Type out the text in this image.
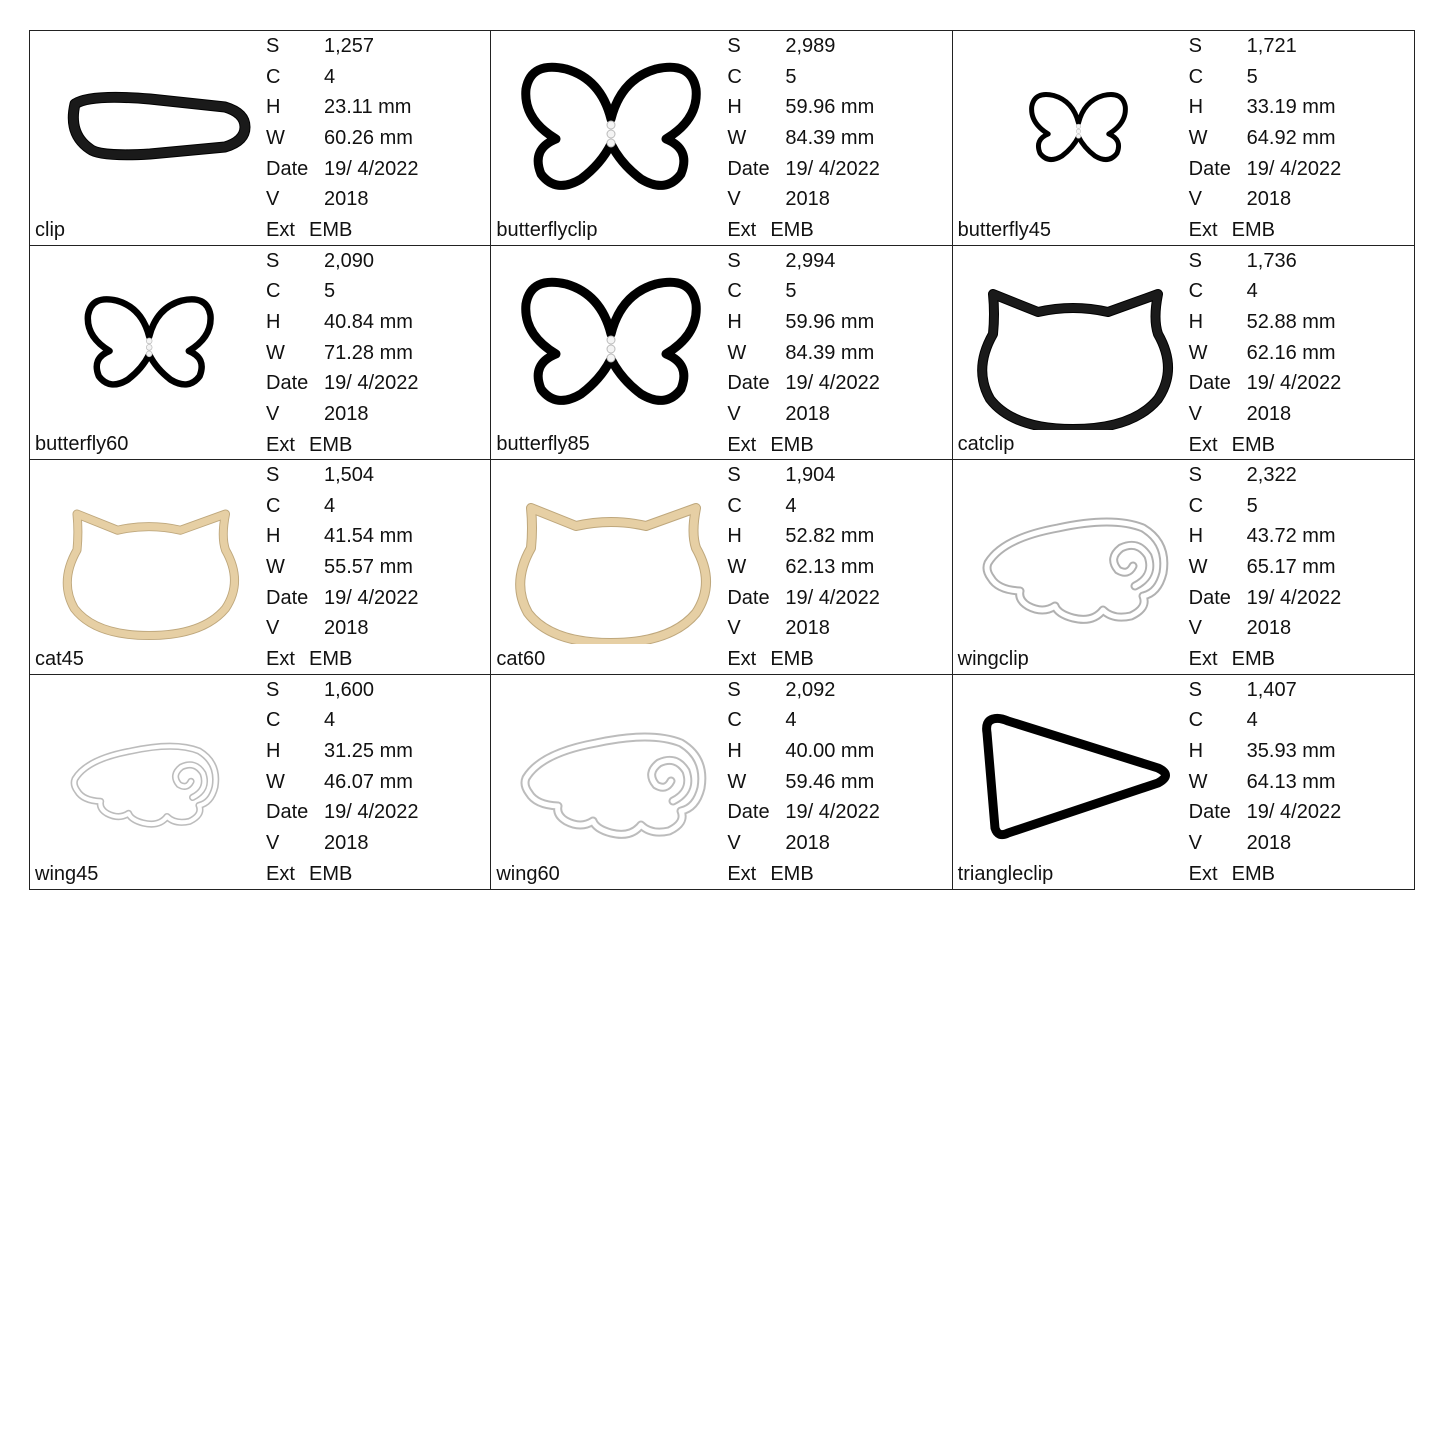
S 1,257
C 4
H 23.11 mm
W 60.26 mm
Date 19/ 4/2022
V 2018
Ext EMB
clip
S 2,989
C 5
H 59.96 mm
W 84.39 mm
Date 19/ 4/2022
V 2018
Ext EMB
butterflyclip
S 1,721
C 5
H 33.19 mm
W 64.92 mm
Date 19/ 4/2022
V 2018
Ext EMB
butterfly45
S 2,090
C 5
H 40.84 mm
W 71.28 mm
Date 19/ 4/2022
V 2018
Ext EMB
butterfly60
S 2,994
C 5
H 59.96 mm
W 84.39 mm
Date 19/ 4/2022
V 2018
Ext EMB
butterfly85
S 1,736
C 4
H 52.88 mm
W 62.16 mm
Date 19/ 4/2022
V 2018
Ext EMB
catclip
S 1,504
C 4
H 41.54 mm
W 55.57 mm
Date 19/ 4/2022
V 2018
Ext EMB
cat45
S 1,904
C 4
H 52.82 mm
W 62.13 mm
Date 19/ 4/2022
V 2018
Ext EMB
cat60
S 2,322
C 5
H 43.72 mm
W 65.17 mm
Date 19/ 4/2022
V 2018
Ext EMB
wingclip
S 1,600
C 4
H 31.25 mm
W 46.07 mm
Date 19/ 4/2022
V 2018
Ext EMB
wing45
S 2,092
C 4
H 40.00 mm
W 59.46 mm
Date 19/ 4/2022
V 2018
Ext EMB
wing60
S 1,407
C 4
H 35.93 mm
W 64.13 mm
Date 19/ 4/2022
V 2018
Ext EMB
triangleclip
